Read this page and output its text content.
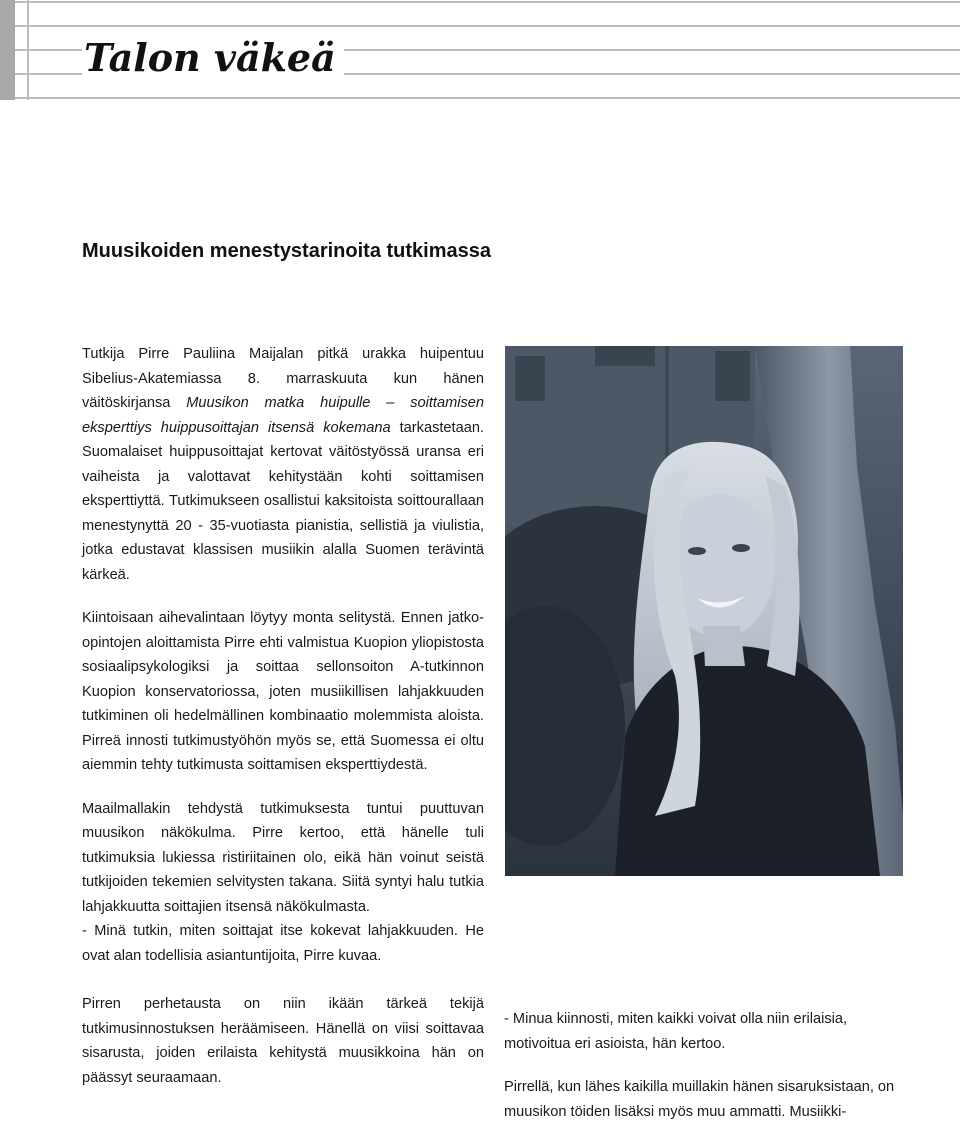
Talon väkeä
Muusikoiden menestystarinoita tutkimassa

Tutkija Pirre Pauliina Maijalan pitkä urakka huipentuu Sibelius-Akatemiassa 8. marraskuuta kun hänen väitöskirjansa Muusikon matka huipulle – soittamisen eksperttiys huippusoittajan itsensä kokemana tarkastetaan. Suomalaiset huippusoittajat kertovat väitöstyössä uransa eri vaiheista ja valottavat kehitystään kohti soittamisen eksperttiyttä. Tutkimukseen osallistui kaksitoista soittourallaan menestynyttä 20 - 35-vuotiasta pianistia, sellistiä ja viulistia, jotka edustavat klassisen musiikin alalla Suomen terävintä kärkeä.

Kiintoisaan aihevalintaan löytyy monta selitystä. Ennen jatko-opintojen aloittamista Pirre ehti valmistua Kuopion yliopistosta sosiaalipsykologiksi ja soittaa sellonsoiton A-tutkinnon Kuopion konservatoriossa, joten musiikillisen lahjakkuuden tutkiminen oli hedelmällinen kombinaatio molemmista aloista. Pirreä innosti tutkimustyöhön myös se, että Suomessa ei oltu aiemmin tehty tutkimusta soittamisen eksperttiydestä.

Maailmallakin tehdystä tutkimuksesta tuntui puuttuvan muusikon näkökulma. Pirre kertoo, että hänelle tuli tutkimuksia lukiessa ristiriitainen olo, eikä hän voinut seistä tutkijoiden tekemien selvitysten takana. Siitä syntyi halu tutkia lahjakkuutta soittajien itsensä näkökulmasta.

- Minä tutkin, miten soittajat itse kokevat lahjakkuuden. He ovat alan todellisia asiantuntijoita, Pirre kuvaa.

Pirren perhetausta on niin ikään tärkeä tekijä tutkimusinnostuksen heräämiseen. Hänellä on viisi soittavaa sisarusta, joiden erilaista kehitystä muusikkoina hän on päässyt seuraamaan.

- Minua kiinnosti, miten kaikki voivat olla niin erilaisia, motivoitua eri asioista, hän kertoo.

Pirrellä, kun lähes kaikilla muillakin hänen sisaruksistaan, on muusikon töiden lisäksi myös muu ammatti. Musiikki-
